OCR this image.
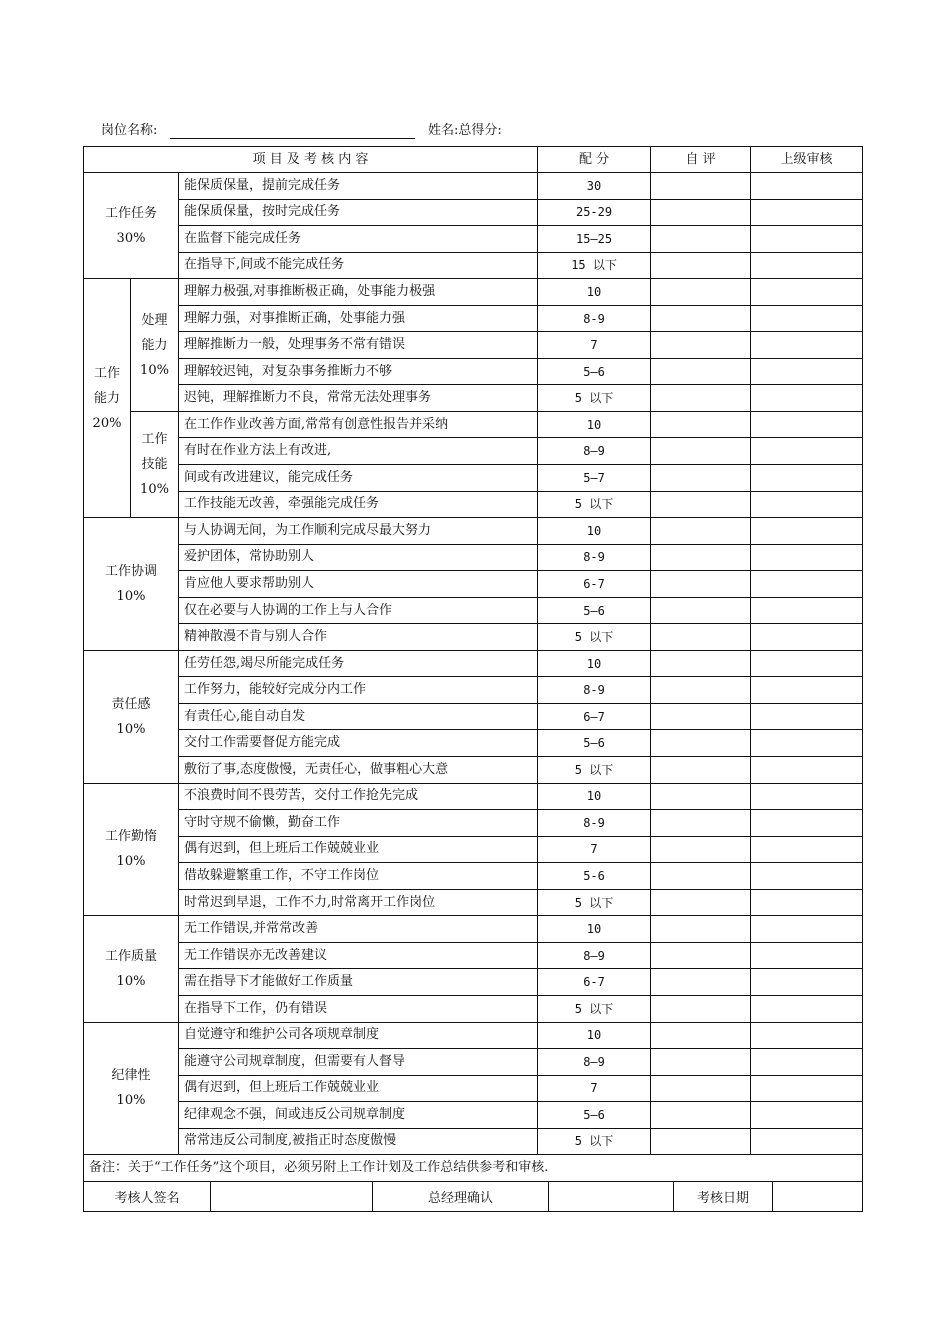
岗位名称:	姓名:总得分:
项 目 及 考 核 内 容			配 分	自 评	上级审核

工作任务
30%		能保质保量，提前完成任务	30		
		能保质保量，按时完成任务	25-29		
		在监督下能完成任务	15—25		
		在指导下,间或不能完成任务	15 以下		

工作
能力
20%	处理
能力
10%	理解力极强,对事推断极正确，处事能力极强	10		
		理解力强，对事推断正确，处事能力强	8-9		
		理解推断力一般，处理事务不常有错误	7		
		理解较迟钝，对复杂事务推断力不够	5—6		
		迟钝，理解推断力不良，常常无法处理事务	5 以下		

	工作
技能
10%	在工作作业改善方面,常常有创意性报告并采纳	10		
		有时在作业方法上有改进,	8—9		
		间或有改进建议，能完成任务	5—7		
		工作技能无改善，牵强能完成任务	5 以下		

工作协调
10%		与人协调无间，为工作顺利完成尽最大努力	10		
		爱护团体，常协助别人	8-9		
		肯应他人要求帮助别人	6-7		
		仅在必要与人协调的工作上与人合作	5—6		
		精神散漫不肯与别人合作	5 以下		

责任感
10%		任劳任怨,竭尽所能完成任务	10		
		工作努力，能较好完成分内工作	8-9		
		有责任心,能自动自发	6—7		
		交付工作需要督促方能完成	5—6		
		敷衍了事,态度傲慢，无责任心，做事粗心大意	5 以下		

工作勤惰
10%		不浪费时间不畏劳苦，交付工作抢先完成	10		
		守时守规不偷懒，勤奋工作	8-9		
		偶有迟到，但上班后工作兢兢业业	7		
		借故躲避繁重工作，不守工作岗位	5-6		
		时常迟到早退，工作不力,时常离开工作岗位	5 以下		

工作质量
10%		无工作错误,并常常改善	10		
		无工作错误亦无改善建议	8—9		
		需在指导下才能做好工作质量	6-7		
		在指导下工作，仍有错误	5 以下		

纪律性
10%		自觉遵守和维护公司各项规章制度	10		
		能遵守公司规章制度，但需要有人督导	8—9		
		偶有迟到，但上班后工作兢兢业业	7		
		纪律观念不强，间或违反公司规章制度	5—6		
		常常违反公司制度,被指正时态度傲慢	5 以下		
备注：关于“工作任务”这个项目，必须另附上工作计划及工作总结供参考和审核.					
考核人签名		总经理确认		考核日期	
